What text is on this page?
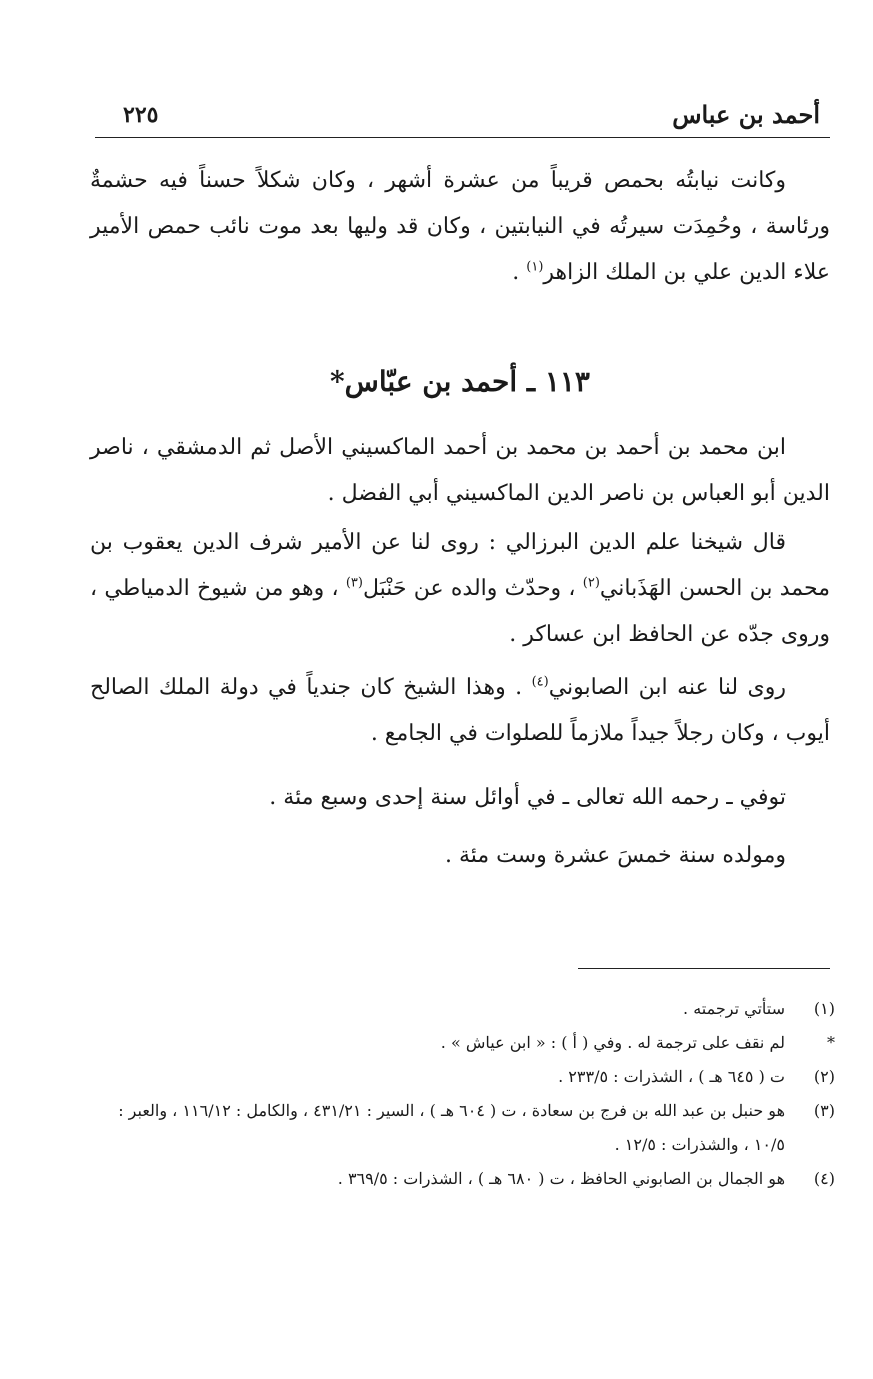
أحمد بن عباس
٢٢٥

وكانت نيابتُه بحمص قريباً من عشرة أشهر ، وكان شكلاً حسناً فيه حشمةٌ ورئاسة ، وحُمِدَت سيرتُه في النيابتين ، وكان قد وليها بعد موت نائب حمص الأمير علاء الدين علي بن الملك الزاهر$^{(١)}$ .

١١٣ ـ أحمد بن عبّاس*

ابن محمد بن أحمد بن محمد بن أحمد الماكسيني الأصل ثم الدمشقي ، ناصر الدين أبو العباس بن ناصر الدين الماكسيني أبي الفضل .

قال شيخنا علم الدين البرزالي : روى لنا عن الأمير شرف الدين يعقوب بن محمد بن الحسن الهَذَباني$^{(٢)}$ ، وحدّث والده عن حَنْبَل$^{(٣)}$ ، وهو من شيوخ الدمياطي ، وروى جدّه عن الحافظ ابن عساكر .

روى لنا عنه ابن الصابوني$^{(٤)}$ . وهذا الشيخ كان جندياً في دولة الملك الصالح أيوب ، وكان رجلاً جيداً ملازماً للصلوات في الجامع .

توفي ـ رحمه الله تعالى ـ في أوائل سنة إحدى وسبع مئة .

ومولده سنة خمسَ عشرة وست مئة .

(١)
ستأتي ترجمته .
*
لم نقف على ترجمة له . وفي ( أ ) : « ابن عياش » .
(٢)
ت ( ٦٤٥ هـ ) ، الشذرات : ٢٣٣/٥ .
(٣)
هو حنبل بن عبد الله بن فرج بن سعادة ، ت ( ٦٠٤ هـ ) ، السير : ٤٣١/٢١ ، والكامل : ١١٦/١٢ ، والعبر : ١٠/٥ ، والشذرات : ١٢/٥ .
(٤)
هو الجمال بن الصابوني الحافظ ، ت ( ٦٨٠ هـ ) ، الشذرات : ٣٦٩/٥ .
